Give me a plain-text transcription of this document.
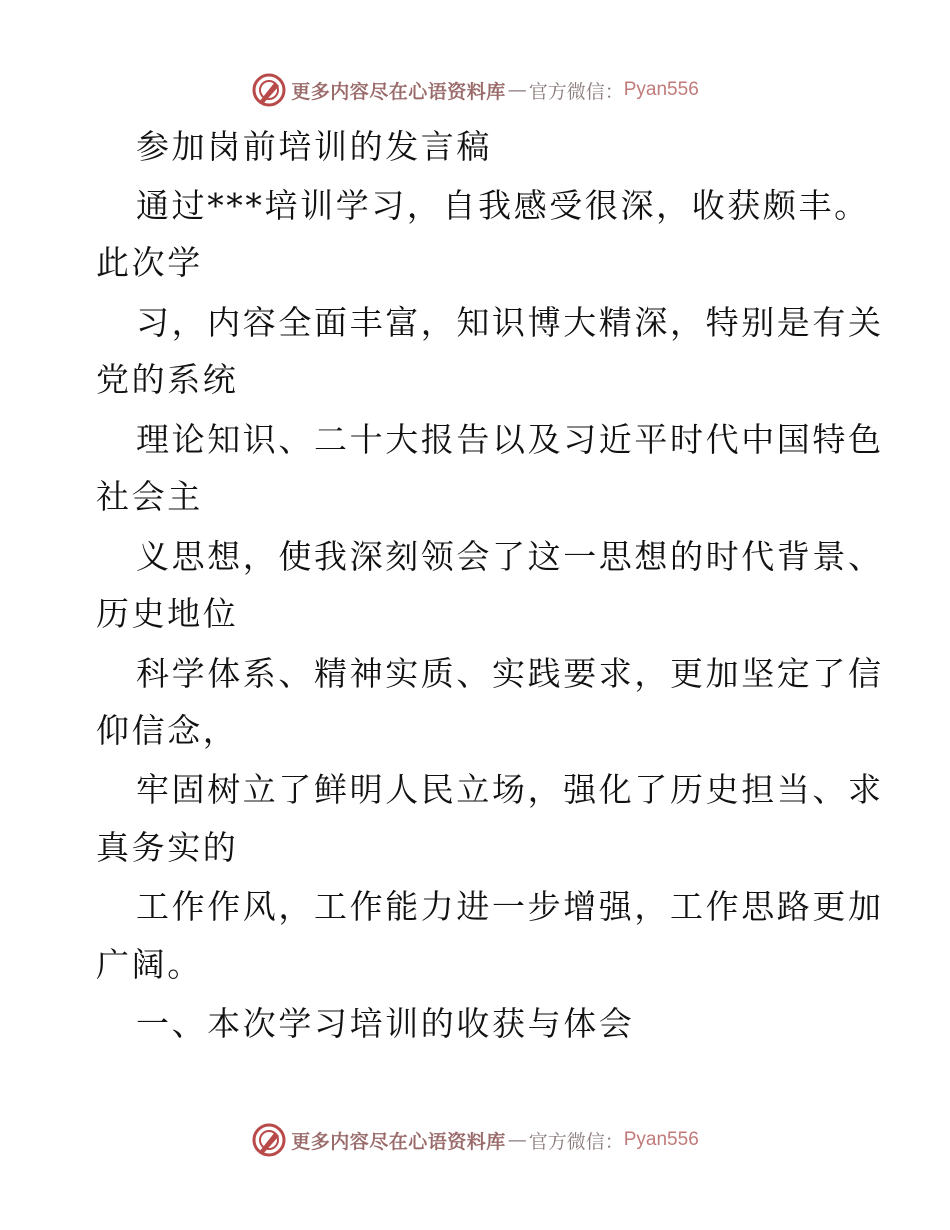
更多内容尽在心语资料库 — 官方微信： Pyan556
参加岗前培训的发言稿
通过***培训学习，自我感受很深，收获颇丰。
此次学
习，内容全面丰富，知识博大精深，特别是有关
党的系统
理论知识、二十大报告以及习近平时代中国特色
社会主
义思想，使我深刻领会了这一思想的时代背景、
历史地位
科学体系、精神实质、实践要求，更加坚定了信
仰信念，
牢固树立了鲜明人民立场，强化了历史担当、求
真务实的
工作作风，工作能力进一步增强，工作思路更加
广阔。
一、本次学习培训的收获与体会
更多内容尽在心语资料库 — 官方微信： Pyan556
